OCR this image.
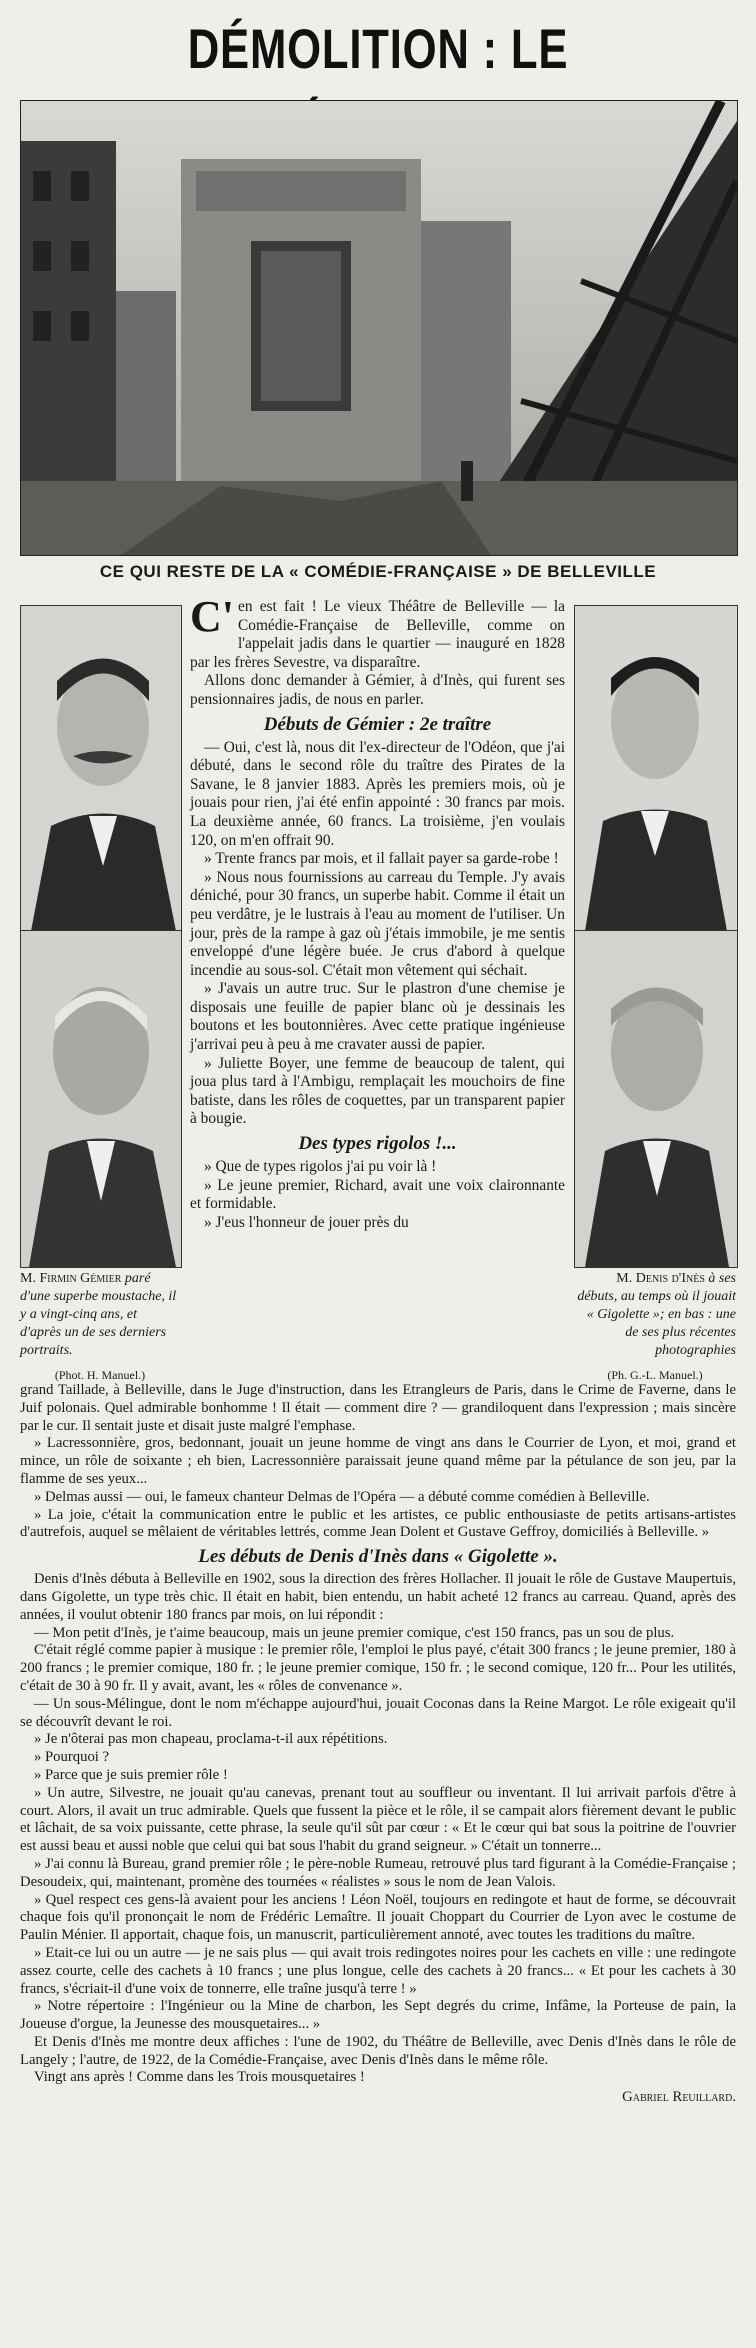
DÉMOLITION : LE
CE QUI RESTE DE LA « COMÉDIE-FRANÇAISE » DE BELLEVILLE
M. Firmin Gémier paré d'une superbe moustache, il y a vingt-cinq ans, et d'après un de ses derniers portraits.
(Phot. H. Manuel.)
M. Denis d'Inès à ses débuts, au temps où il jouait « Gigolette »; en bas : une de ses plus récentes photographies
(Ph. G.-L. Manuel.)

C'en est fait ! Le vieux Théâtre de Belleville — la Comédie-Française de Belleville, comme on l'appelait jadis dans le quartier — inauguré en 1828 par les frères Sevestre, va disparaître.

Allons donc demander à Gémier, à d'Inès, qui furent ses pensionnaires jadis, de nous en parler.

Débuts de Gémier : 2e traître

— Oui, c'est là, nous dit l'ex-directeur de l'Odéon, que j'ai débuté, dans le second rôle du traître des Pirates de la Savane, le 8 janvier 1883. Après les premiers mois, où je jouais pour rien, j'ai été enfin appointé : 30 francs par mois. La deuxième année, 60 francs. La troisième, j'en voulais 120, on m'en offrait 90.

» Trente francs par mois, et il fallait payer sa garde-robe !

» Nous nous fournissions au carreau du Temple. J'y avais déniché, pour 30 francs, un superbe habit. Comme il était un peu verdâtre, je le lustrais à l'eau au moment de l'utiliser. Un jour, près de la rampe à gaz où j'étais immobile, je me sentis enveloppé d'une légère buée. Je crus d'abord à quelque incendie au sous-sol. C'était mon vêtement qui séchait.

» J'avais un autre truc. Sur le plastron d'une chemise je disposais une feuille de papier blanc où je dessinais les boutons et les boutonnières. Avec cette pratique ingénieuse j'arrivai peu à peu à me cravater aussi de papier.

» Juliette Boyer, une femme de beaucoup de talent, qui joua plus tard à l'Ambigu, remplaçait les mouchoirs de fine batiste, dans les rôles de coquettes, par un transparent papier à bougie.

Des types rigolos !...

» Que de types rigolos j'ai pu voir là !

» Le jeune premier, Richard, avait une voix claironnante et formidable.

» J'eus l'honneur de jouer près du

grand Taillade, à Belleville, dans le Juge d'instruction, dans les Etrangleurs de Paris, dans le Crime de Faverne, dans le Juif polonais. Quel admirable bonhomme ! Il était — comment dire ? — grandiloquent dans l'expression ; mais sincère par le cur. Il sentait juste et disait juste malgré l'emphase.

» Lacressonnière, gros, bedonnant, jouait un jeune homme de vingt ans dans le Courrier de Lyon, et moi, grand et mince, un rôle de soixante ; eh bien, Lacressonnière paraissait jeune quand même par la pétulance de son jeu, par la flamme de ses yeux...

» Delmas aussi — oui, le fameux chanteur Delmas de l'Opéra — a débuté comme comédien à Belleville.

» La joie, c'était la communication entre le public et les artistes, ce public enthousiaste de petits artisans-artistes d'autrefois, auquel se mêlaient de véritables lettrés, comme Jean Dolent et Gustave Geffroy, domiciliés à Belleville. »

Les débuts de Denis d'Inès dans « Gigolette ».

Denis d'Inès débuta à Belleville en 1902, sous la direction des frères Hollacher. Il jouait le rôle de Gustave Maupertuis, dans Gigolette, un type très chic. Il était en habit, bien entendu, un habit acheté 12 francs au carreau. Quand, après des années, il voulut obtenir 180 francs par mois, on lui répondit :

— Mon petit d'Inès, je t'aime beaucoup, mais un jeune premier comique, c'est 150 francs, pas un sou de plus.

C'était réglé comme papier à musique : le premier rôle, l'emploi le plus payé, c'était 300 francs ; le jeune premier, 180 à 200 francs ; le premier comique, 180 fr. ; le jeune premier comique, 150 fr. ; le second comique, 120 fr... Pour les utilités, c'était de 30 à 90 fr. Il y avait, avant, les « rôles de convenance ».

— Un sous-Mélingue, dont le nom m'échappe aujourd'hui, jouait Coconas dans la Reine Margot. Le rôle exigeait qu'il se découvrît devant le roi.

» Je n'ôterai pas mon chapeau, proclama-t-il aux répétitions.

» Pourquoi ?

» Parce que je suis premier rôle !

» Un autre, Silvestre, ne jouait qu'au canevas, prenant tout au souffleur ou inventant. Il lui arrivait parfois d'être à court. Alors, il avait un truc admirable. Quels que fussent la pièce et le rôle, il se campait alors fièrement devant le public et lâchait, de sa voix puissante, cette phrase, la seule qu'il sût par cœur : « Et le cœur qui bat sous la poitrine de l'ouvrier est aussi beau et aussi noble que celui qui bat sous l'habit du grand seigneur. » C'était un tonnerre...

» J'ai connu là Bureau, grand premier rôle ; le père-noble Rumeau, retrouvé plus tard figurant à la Comédie-Française ; Desoudeix, qui, maintenant, promène des tournées « réalistes » sous le nom de Jean Valois.

» Quel respect ces gens-là avaient pour les anciens ! Léon Noël, toujours en redingote et haut de forme, se découvrait chaque fois qu'il prononçait le nom de Frédéric Lemaître. Il jouait Choppart du Courrier de Lyon avec le costume de Paulin Ménier. Il apportait, chaque fois, un manuscrit, particulièrement annoté, avec toutes les traditions du maître.

» Etait-ce lui ou un autre — je ne sais plus — qui avait trois redingotes noires pour les cachets en ville : une redingote assez courte, celle des cachets à 10 francs ; une plus longue, celle des cachets à 20 francs... « Et pour les cachets à 30 francs, s'écriait-il d'une voix de tonnerre, elle traîne jusqu'à terre ! »

» Notre répertoire : l'Ingénieur ou la Mine de charbon, les Sept degrés du crime, Infâme, la Porteuse de pain, la Joueuse d'orgue, la Jeunesse des mousquetaires... »

Et Denis d'Inès me montre deux affiches : l'une de 1902, du Théâtre de Belleville, avec Denis d'Inès dans le rôle de Langely ; l'autre, de 1922, de la Comédie-Française, avec Denis d'Inès dans le même rôle.

Vingt ans après ! Comme dans les Trois mousquetaires !

Gabriel Reuillard.
